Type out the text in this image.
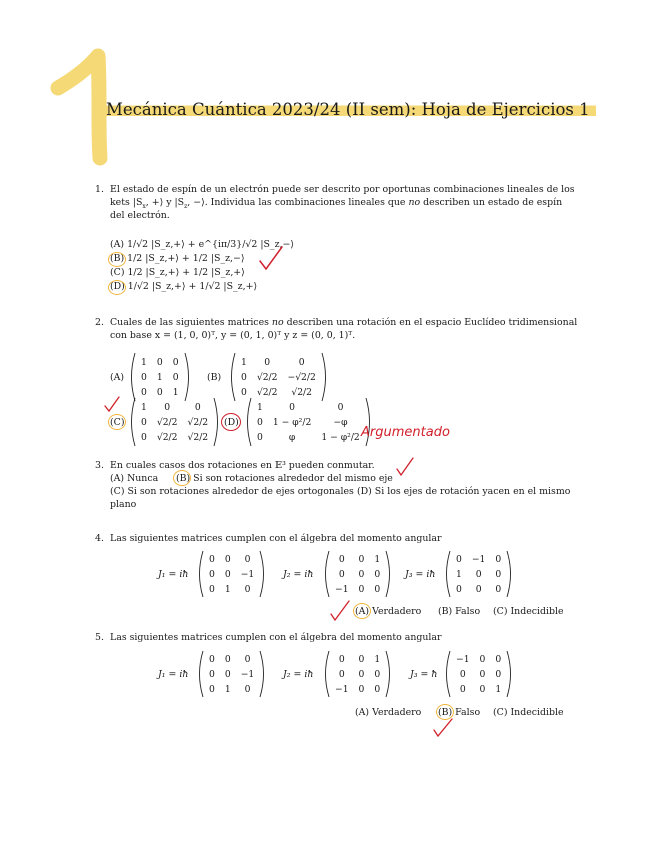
Mecánica Cuántica 2023/24 (II sem): Hoja de Ejercicios 1
1. El estado de espín de un electrón puede ser descrito por oportunas combinaciones lineales de los
kets $|S_x$, +⟩ y $|S_z$, −⟩. Individua las combinaciones lineales que no describen un estado de espín
del electrón.
(A) 1/√2 |S_z,+⟩ + e^{iπ/3}/√2 |S_z,−⟩
(B) 1/2 |S_z,+⟩ + 1/2 |S_z,−⟩
(C) 1/2 |S_z,+⟩ + 1/2 |S_z,+⟩
(D) 1/√2 |S_z,+⟩ + 1/√2 |S_z,+⟩
2. Cuales de las siguientes matrices no describen una rotación en el espacio Euclídeo tridimensional
con base x = (1, 0, 0)ᵀ, y = (0, 1, 0)ᵀ y z = (0, 0, 1)ᵀ.
(A)
1	0	0
0	1	0
0	0	1
(B)
1	0	0
0	√2/2	−√2/2
0	√2/2	√2/2
(C)
1	0	0
0	√2/2	√2/2
0	√2/2	√2/2
(D)
1	0	0
0	1 − φ²/2	−φ
0	φ	1 − φ²/2 Argumentado
3. En cuales casos dos rotaciones en 𝔼³ pueden conmutar.
(A) Nunca (B) Si son rotaciones alrededor del mismo eje
(C) Si son rotaciones alrededor de ejes ortogonales (D) Si los ejes de rotación yacen en el mismo
plano
4. Las siguientes matrices cumplen con el álgebra del momento angular
J₁ = iħ
0	0	0
0	0	−1
0	1	0
J₂ = iħ
0	0	1
0	0	0
−1	0	0
J₃ = iħ
0	−1	0
1	0	0
0	0	0
(A) Verdadero (B) Falso (C) Indecidible
5. Las siguientes matrices cumplen con el álgebra del momento angular
J₁ = iħ
0	0	0
0	0	−1
0	1	0
J₂ = iħ
0	0	1
0	0	0
−1	0	0
J₃ = ħ
−1	0	0
0	0	0
0	0	1
(A) Verdadero (B) Falso (C) Indecidible
